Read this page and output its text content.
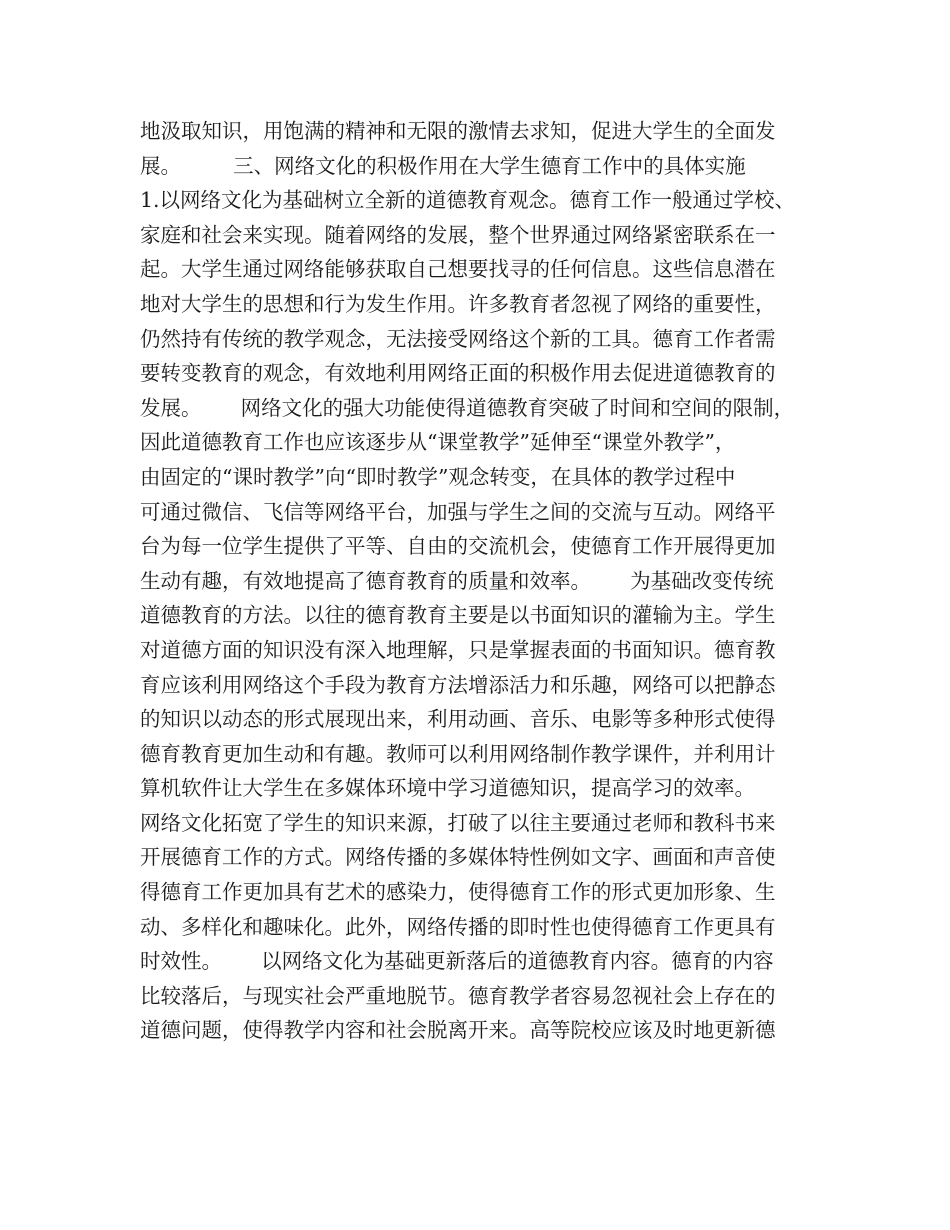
地汲取知识，用饱满的精神和无限的激情去求知，促进大学生的全面发
展。        三、网络文化的积极作用在大学生德育工作中的具体实施
1.以网络文化为基础树立全新的道德教育观念。德育工作一般通过学校、
家庭和社会来实现。随着网络的发展，整个世界通过网络紧密联系在一
起。大学生通过网络能够获取自己想要找寻的任何信息。这些信息潜在
地对大学生的思想和行为发生作用。许多教育者忽视了网络的重要性，
仍然持有传统的教学观念，无法接受网络这个新的工具。德育工作者需
要转变教育的观念，有效地利用网络正面的积极作用去促进道德教育的
发展。      网络文化的强大功能使得道德教育突破了时间和空间的限制，
因此道德教育工作也应该逐步从“课堂教学”延伸至“课堂外教学”，
由固定的“课时教学”向“即时教学”观念转变，在具体的教学过程中
可通过微信、飞信等网络平台，加强与学生之间的交流与互动。网络平
台为每一位学生提供了平等、自由的交流机会，使德育工作开展得更加
生动有趣，有效地提高了德育教育的质量和效率。      为基础改变传统
道德教育的方法。以往的德育教育主要是以书面知识的灌输为主。学生
对道德方面的知识没有深入地理解，只是掌握表面的书面知识。德育教
育应该利用网络这个手段为教育方法增添活力和乐趣，网络可以把静态
的知识以动态的形式展现出来，利用动画、音乐、电影等多种形式使得
德育教育更加生动和有趣。教师可以利用网络制作教学课件，并利用计
算机软件让大学生在多媒体环境中学习道德知识，提高学习的效率。
网络文化拓宽了学生的知识来源，打破了以往主要通过老师和教科书来
开展德育工作的方式。网络传播的多媒体特性例如文字、画面和声音使
得德育工作更加具有艺术的感染力，使得德育工作的形式更加形象、生
动、多样化和趣味化。此外，网络传播的即时性也使得德育工作更具有
时效性。      以网络文化为基础更新落后的道德教育内容。德育的内容
比较落后，与现实社会严重地脱节。德育教学者容易忽视社会上存在的
道德问题，使得教学内容和社会脱离开来。高等院校应该及时地更新德
